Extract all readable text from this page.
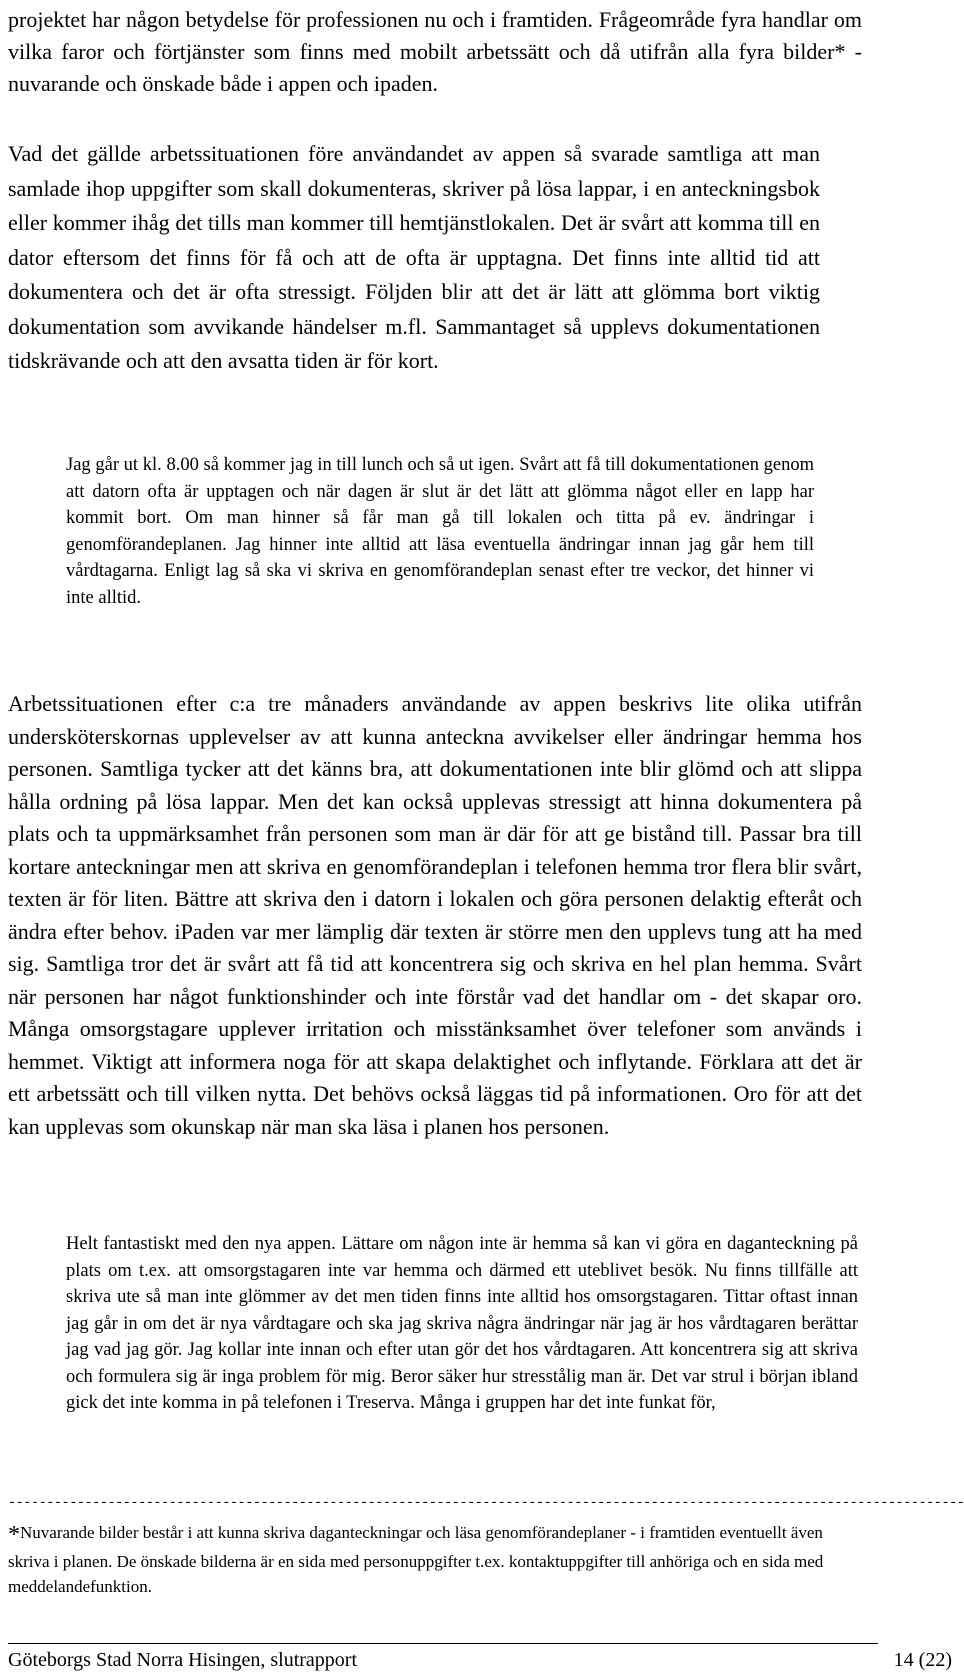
projektet har någon betydelse för professionen nu och i framtiden. Frågeområde fyra handlar om vilka faror och förtjänster som finns med mobilt arbetssätt och då utifrån alla fyra bilder* - nuvarande och önskade både i appen och ipaden.

Vad det gällde arbetssituationen före användandet av appen så svarade samtliga att man samlade ihop uppgifter som skall dokumenteras, skriver på lösa lappar, i en anteckningsbok eller kommer ihåg det tills man kommer till hemtjänstlokalen. Det är svårt att komma till en dator eftersom det finns för få och att de ofta är upptagna. Det finns inte alltid tid att dokumentera och det är ofta stressigt. Följden blir att det är lätt att glömma bort viktig dokumentation som avvikande händelser m.fl. Sammantaget så upplevs dokumentationen tidskrävande och att den avsatta tiden är för kort.

Jag går ut kl. 8.00 så kommer jag in till lunch och så ut igen. Svårt att få till dokumentationen genom att datorn ofta är upptagen och när dagen är slut är det lätt att glömma något eller en lapp har kommit bort. Om man hinner så får man gå till lokalen och titta på ev. ändringar i genomförandeplanen. Jag hinner inte alltid att läsa eventuella ändringar innan jag går hem till vårdtagarna. Enligt lag så ska vi skriva en genomförandeplan senast efter tre veckor, det hinner vi inte alltid.

Arbetssituationen efter c:a tre månaders användande av appen beskrivs lite olika utifrån undersköterskornas upplevelser av att kunna anteckna avvikelser eller ändringar hemma hos personen. Samtliga tycker att det känns bra, att dokumentationen inte blir glömd och att slippa hålla ordning på lösa lappar. Men det kan också upplevas stressigt att hinna dokumentera på plats och ta uppmärksamhet från personen som man är där för att ge bistånd till. Passar bra till kortare anteckningar men att skriva en genomförandeplan i telefonen hemma tror flera blir svårt, texten är för liten. Bättre att skriva den i datorn i lokalen och göra personen delaktig efteråt och ändra efter behov. iPaden var mer lämplig där texten är större men den upplevs tung att ha med sig. Samtliga tror det är svårt att få tid att koncentrera sig och skriva en hel plan hemma. Svårt när personen har något funktionshinder och inte förstår vad det handlar om - det skapar oro. Många omsorgstagare upplever irritation och misstänksamhet över telefoner som används i hemmet. Viktigt att informera noga för att skapa delaktighet och inflytande. Förklara att det är ett arbetssätt och till vilken nytta. Det behövs också läggas tid på informationen. Oro för att det kan upplevas som okunskap när man ska läsa i planen hos personen.

Helt fantastiskt med den nya appen. Lättare om någon inte är hemma så kan vi göra en daganteckning på plats om t.ex. att omsorgstagaren inte var hemma och därmed ett uteblivet besök. Nu finns tillfälle att skriva ute så man inte glömmer av det men tiden finns inte alltid hos omsorgstagaren. Tittar oftast innan jag går in om det är nya vårdtagare och ska jag skriva några ändringar när jag är hos vårdtagaren berättar jag vad jag gör. Jag kollar inte innan och efter utan gör det hos vårdtagaren. Att koncentrera sig att skriva och formulera sig är inga problem för mig. Beror säker hur stresstålig man är. Det var strul i början ibland gick det inte komma in på telefonen i Treserva. Många i gruppen har det inte funkat för,

-----------------------------------------------------------------------------------------------------------------------------
*Nuvarande bilder består i att kunna skriva daganteckningar och läsa genomförandeplaner - i framtiden eventuellt även skriva i planen. De önskade bilderna är en sida med personuppgifter t.ex. kontaktuppgifter till anhöriga och en sida med meddelandefunktion.
Göteborgs Stad Norra Hisingen, slutrapport	14 (22)
